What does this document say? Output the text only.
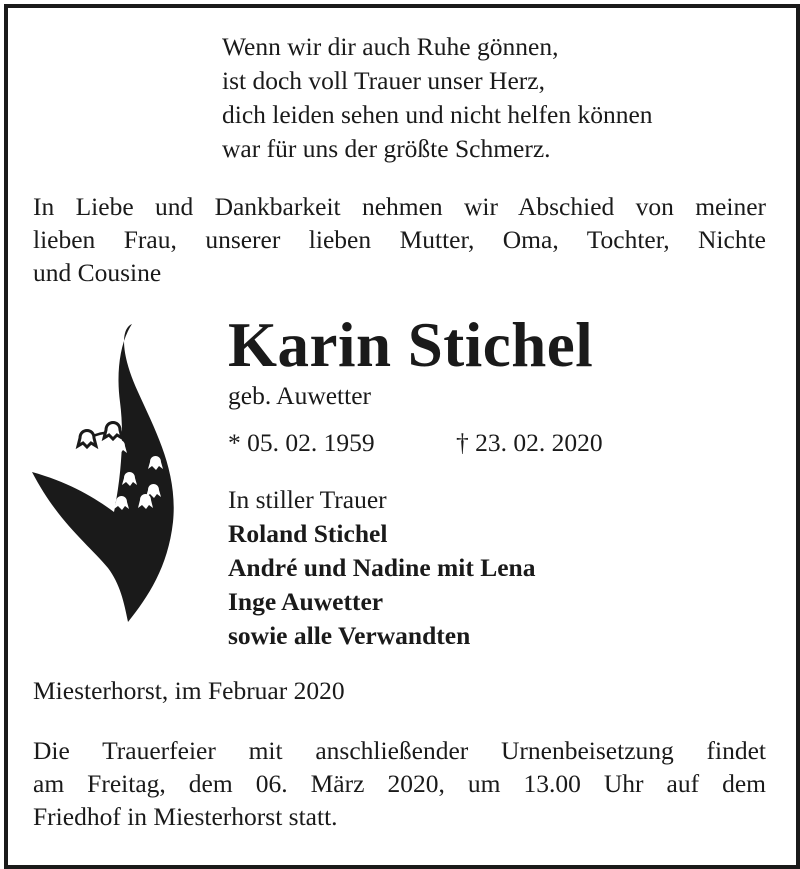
Wenn wir dir auch Ruhe gönnen,
ist doch voll Trauer unser Herz,
dich leiden sehen und nicht helfen können
war für uns der größte Schmerz.
In Liebe und Dankbarkeit nehmen wir Abschied von meiner
lieben Frau, unserer lieben Mutter, Oma, Tochter, Nichte
und Cousine
Karin Stichel
geb. Auwetter
* 05. 02. 1959	† 23. 02. 2020
In stiller Trauer
Roland Stichel
André und Nadine mit Lena
Inge Auwetter
sowie alle Verwandten
Miesterhorst, im Februar 2020
Die Trauerfeier mit anschließender Urnenbeisetzung findet
am Freitag, dem 06. März 2020, um 13.00 Uhr auf dem
Friedhof in Miesterhorst statt.
